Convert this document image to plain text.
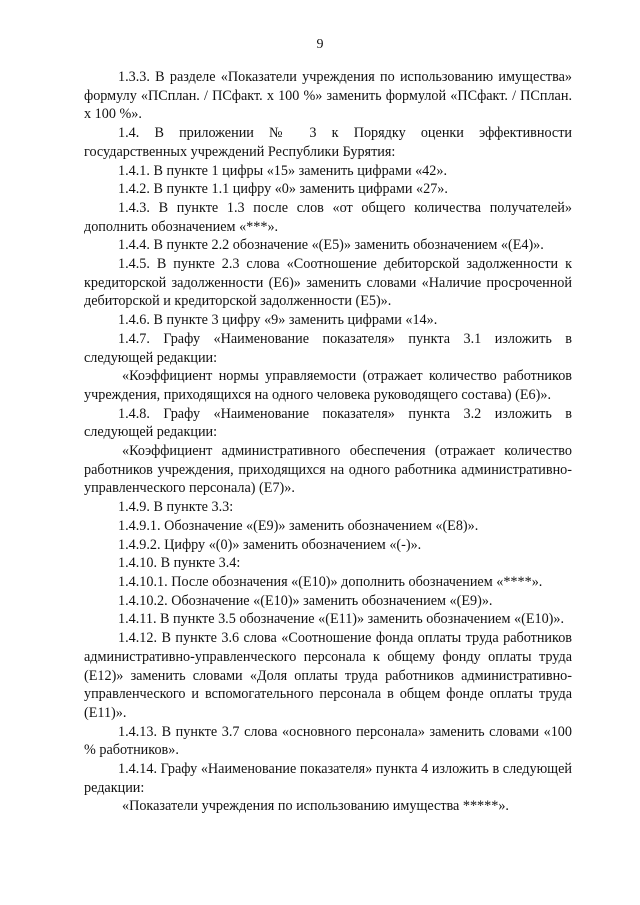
9

1.3.3. В разделе «Показатели учреждения по использованию имущества» формулу «ПСплан. / ПСфакт. х 100 %» заменить формулой «ПСфакт. / ПСплан. х 100 %».

1.4. В приложении № 3 к Порядку оценки эффективности государственных учреждений Республики Бурятия:

1.4.1. В пункте 1 цифры «15» заменить цифрами «42».

1.4.2. В пункте 1.1 цифру «0» заменить цифрами «27».

1.4.3. В пункте 1.3 после слов «от общего количества получателей» дополнить обозначением «***».

1.4.4. В пункте 2.2 обозначение «(Е5)» заменить обозначением «(Е4)».

1.4.5. В пункте 2.3 слова «Соотношение дебиторской задолженности к кредиторской задолженности (Е6)» заменить словами «Наличие просроченной дебиторской и кредиторской задолженности (Е5)».

1.4.6. В пункте 3 цифру «9» заменить цифрами «14».

1.4.7. Графу «Наименование показателя» пункта 3.1 изложить в следующей редакции:

«Коэффициент нормы управляемости (отражает количество работников учреждения, приходящихся на одного человека руководящего состава) (Е6)».

1.4.8. Графу «Наименование показателя» пункта 3.2 изложить в следующей редакции:

«Коэффициент административного обеспечения (отражает количество работников учреждения, приходящихся на одного работника административно-управленческого персонала) (Е7)».

1.4.9. В пункте 3.3:

1.4.9.1. Обозначение «(Е9)» заменить обозначением «(Е8)».

1.4.9.2. Цифру «(0)» заменить обозначением «(-)».

1.4.10. В пункте 3.4:

1.4.10.1. После обозначения «(Е10)» дополнить обозначением «****».

1.4.10.2. Обозначение «(Е10)» заменить обозначением «(Е9)».

1.4.11. В пункте 3.5 обозначение «(Е11)» заменить обозначением «(Е10)».

1.4.12. В пункте 3.6 слова «Соотношение фонда оплаты труда работников административно-управленческого персонала к общему фонду оплаты труда (Е12)» заменить словами «Доля оплаты труда работников административно-управленческого и вспомогательного персонала в общем фонде оплаты труда (Е11)».

1.4.13. В пункте 3.7 слова «основного персонала» заменить словами «100 % работников».

1.4.14. Графу «Наименование показателя» пункта 4 изложить в следующей редакции:

«Показатели учреждения по использованию имущества *****».
